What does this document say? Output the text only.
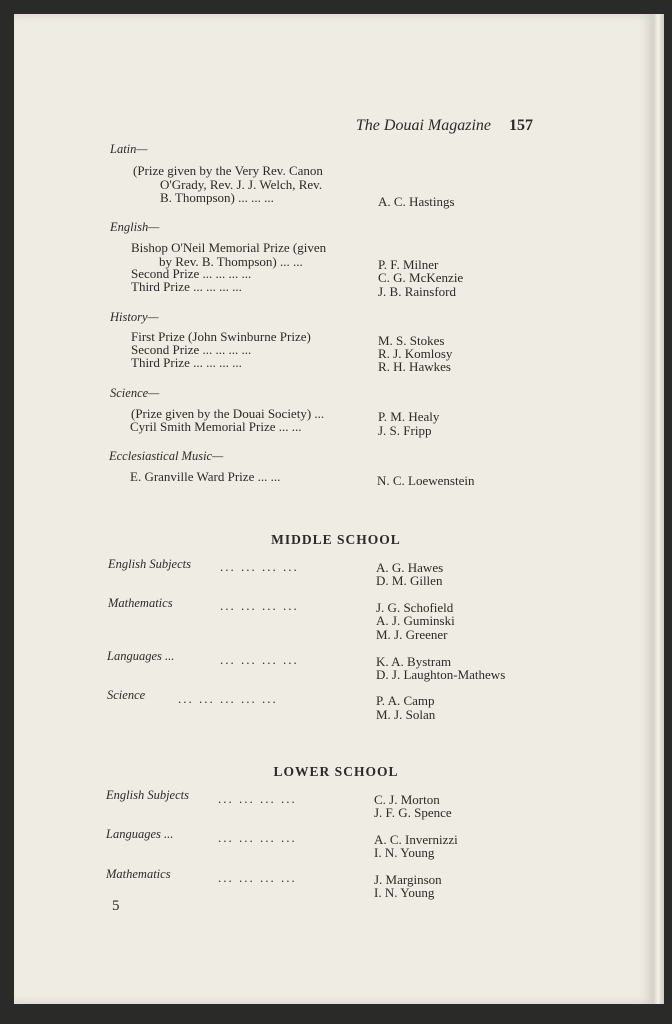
The Douai Magazine 157
Latin—
(Prize given by the Very Rev. Canon
O'Grady, Rev. J. J. Welch, Rev.
B. Thompson) ... ... ...	A. C. Hastings
English—
Bishop O'Neil Memorial Prize (given
by Rev. B. Thompson) ... ...	P. F. Milner
Second Prize ... ... ... ...	C. G. McKenzie
Third Prize ... ... ... ...	J. B. Rainsford
History—
First Prize (John Swinburne Prize)	M. S. Stokes
Second Prize ... ... ... ...	R. J. Komlosy
Third Prize ... ... ... ...	R. H. Hawkes
Science—
(Prize given by the Douai Society) ...	P. M. Healy
Cyril Smith Memorial Prize ... ...	J. S. Fripp
Ecclesiastical Music—
E. Granville Ward Prize ... ...	N. C. Loewenstein
MIDDLE SCHOOL
English Subjects ... ... ... ...	A. G. Hawes
D. M. Gillen
Mathematics	... ... ... ...	J. G. Schofield
A. J. Guminski
M. J. Greener
Languages ...	... ... ... ...	K. A. Bystram
D. J. Laughton-Mathews
Science	... ... ... ... ...	P. A. Camp
M. J. Solan
LOWER SCHOOL
English Subjects ... ... ... ...	C. J. Morton
J. F. G. Spence
Languages ...	... ... ... ...	A. C. Invernizzi
I. N. Young
Mathematics	... ... ... ...	J. Marginson
I. N. Young
5
